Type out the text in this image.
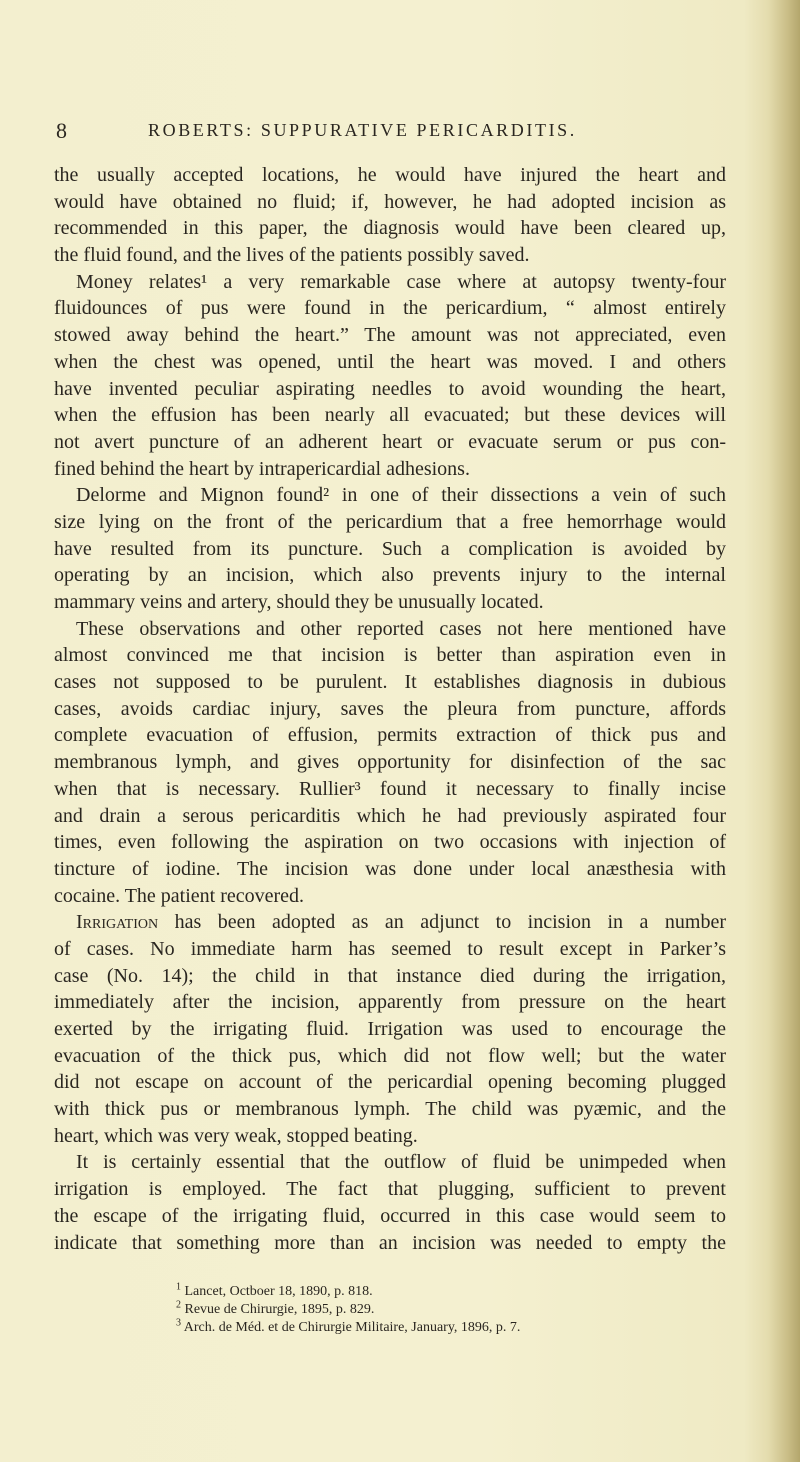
8	ROBERTS: SUPPURATIVE PERICARDITIS.
the usually accepted locations, he would have injured the heart and
would have obtained no fluid; if, however, he had adopted incision as
recommended in this paper, the diagnosis would have been cleared up,
the fluid found, and the lives of the patients possibly saved.
Money relates¹ a very remarkable case where at autopsy twenty-four
fluidounces of pus were found in the pericardium, “ almost entirely
stowed away behind the heart.” The amount was not appreciated, even
when the chest was opened, until the heart was moved. I and others
have invented peculiar aspirating needles to avoid wounding the heart,
when the effusion has been nearly all evacuated; but these devices will
not avert puncture of an adherent heart or evacuate serum or pus con-
fined behind the heart by intrapericardial adhesions.
Delorme and Mignon found² in one of their dissections a vein of such
size lying on the front of the pericardium that a free hemorrhage would
have resulted from its puncture. Such a complication is avoided by
operating by an incision, which also prevents injury to the internal
mammary veins and artery, should they be unusually located.
These observations and other reported cases not here mentioned have
almost convinced me that incision is better than aspiration even in
cases not supposed to be purulent. It establishes diagnosis in dubious
cases, avoids cardiac injury, saves the pleura from puncture, affords
complete evacuation of effusion, permits extraction of thick pus and
membranous lymph, and gives opportunity for disinfection of the sac
when that is necessary. Rullier³ found it necessary to finally incise
and drain a serous pericarditis which he had previously aspirated four
times, even following the aspiration on two occasions with injection of
tincture of iodine. The incision was done under local anæsthesia with
cocaine. The patient recovered.
Irrigation has been adopted as an adjunct to incision in a number
of cases. No immediate harm has seemed to result except in Parker’s
case (No. 14); the child in that instance died during the irrigation,
immediately after the incision, apparently from pressure on the heart
exerted by the irrigating fluid. Irrigation was used to encourage the
evacuation of the thick pus, which did not flow well; but the water
did not escape on account of the pericardial opening becoming plugged
with thick pus or membranous lymph. The child was pyæmic, and the
heart, which was very weak, stopped beating.
It is certainly essential that the outflow of fluid be unimpeded when
irrigation is employed. The fact that plugging, sufficient to prevent
the escape of the irrigating fluid, occurred in this case would seem to
indicate that something more than an incision was needed to empty the
$^1$ Lancet, Octboer 18, 1890, p. 818.
$^2$ Revue de Chirurgie, 1895, p. 829.
$^3$ Arch. de Méd. et de Chirurgie Militaire, January, 1896, p. 7.
